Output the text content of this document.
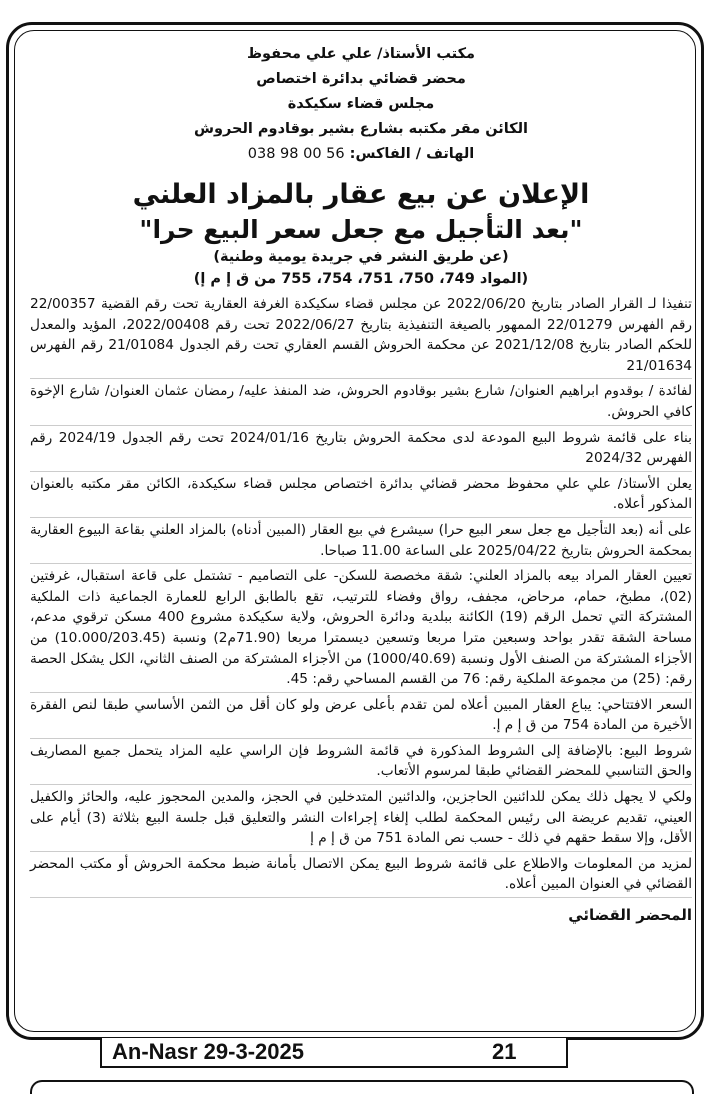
مكتب الأستاذ/ علي علي محفوظ
محضر قضائي بدائرة اختصاص
مجلس قضاء سكيكدة
الكائن مقر مكتبه بشارع بشير بوقادوم الحروش
الهاتف / الفاكس: 038 98 00 56
الإعلان عن بيع عقار بالمزاد العلني
"بعد التأجيل مع جعل سعر البيع حرا"
(عن طريق النشر في جريدة يومية وطنية)
(المواد 749، 750، 751، 754، 755 من ق إ م إ)

تنفيذا لـ القرار الصادر بتاريخ 2022/06/20 عن مجلس قضاء سكيكدة الغرفة العقارية تحت رقم القضية 22/00357 رقم الفهرس 22/01279 الممهور بالصيغة التنفيذية بتاريخ 2022/06/27 تحت رقم 2022/00408، المؤيد والمعدل للحكم الصادر بتاريخ 2021/12/08 عن محكمة الحروش القسم العقاري تحت رقم الجدول 21/01084 رقم الفهرس 21/01634

لفائدة / بوقدوم ابراهيم العنوان/ شارع بشير بوقادوم الحروش، ضد المنفذ عليه/ رمضان عثمان العنوان/ شارع الإخوة كافي الحروش.

بناء على قائمة شروط البيع المودعة لدى محكمة الحروش بتاريخ 2024/01/16 تحت رقم الجدول 2024/19 رقم الفهرس 2024/32

يعلن الأستاذ/ علي علي محفوظ محضر قضائي بدائرة اختصاص مجلس قضاء سكيكدة، الكائن مقر مكتبه بالعنوان المذكور أعلاه.

على أنه (بعد التأجيل مع جعل سعر البيع حرا) سيشرع في بيع العقار (المبين أدناه) بالمزاد العلني بقاعة البيوع العقارية بمحكمة الحروش بتاريخ 2025/04/22 على الساعة 11.00 صباحا.

تعيين العقار المراد بيعه بالمزاد العلني: شقة مخصصة للسكن- على التصاميم - تشتمل على قاعة استقبال، غرفتين (02)، مطبخ، حمام، مرحاض، مجفف، رواق وفضاء للترتيب، تقع بالطابق الرابع للعمارة الجماعية ذات الملكية المشتركة التي تحمل الرقم (19) الكائنة ببلدية ودائرة الحروش، ولاية سكيكدة مشروع 400 مسكن ترقوي مدعم، مساحة الشقة تقدر بواحد وسبعين مترا مربعا وتسعين ديسمترا مربعا (71.90م2) ونسبة (10.000/203.45) من الأجزاء المشتركة من الصنف الأول ونسبة (1000/40.69) من الأجزاء المشتركة من الصنف الثاني، الكل يشكل الحصة رقم: (25) من مجموعة الملكية رقم: 76 من القسم المساحي رقم: 45.

السعر الافتتاحي: يباع العقار المبين أعلاه لمن تقدم بأعلى عرض ولو كان أقل من الثمن الأساسي طبقا لنص الفقرة الأخيرة من المادة 754 من ق إ م إ.

شروط البيع: بالإضافة إلى الشروط المذكورة في قائمة الشروط فإن الراسي عليه المزاد يتحمل جميع المصاريف والحق التناسبي للمحضر القضائي طبقا لمرسوم الأتعاب.

ولكي لا يجهل ذلك يمكن للدائنين الحاجزين، والدائنين المتدخلين في الحجز، والمدين المحجوز عليه، والحائز والكفيل العيني، تقديم عريضة الى رئيس المحكمة لطلب إلغاء إجراءات النشر والتعليق قبل جلسة البيع بثلاثة (3) أيام على الأقل، وإلا سقط حقهم في ذلك - حسب نص المادة 751 من ق إ م إ

لمزيد من المعلومات والاطلاع على قائمة شروط البيع يمكن الاتصال بأمانة ضبط محكمة الحروش أو مكتب المحضر القضائي في العنوان المبين أعلاه.

المحضر القضائي
An-Nasr 29-3-2025	21
